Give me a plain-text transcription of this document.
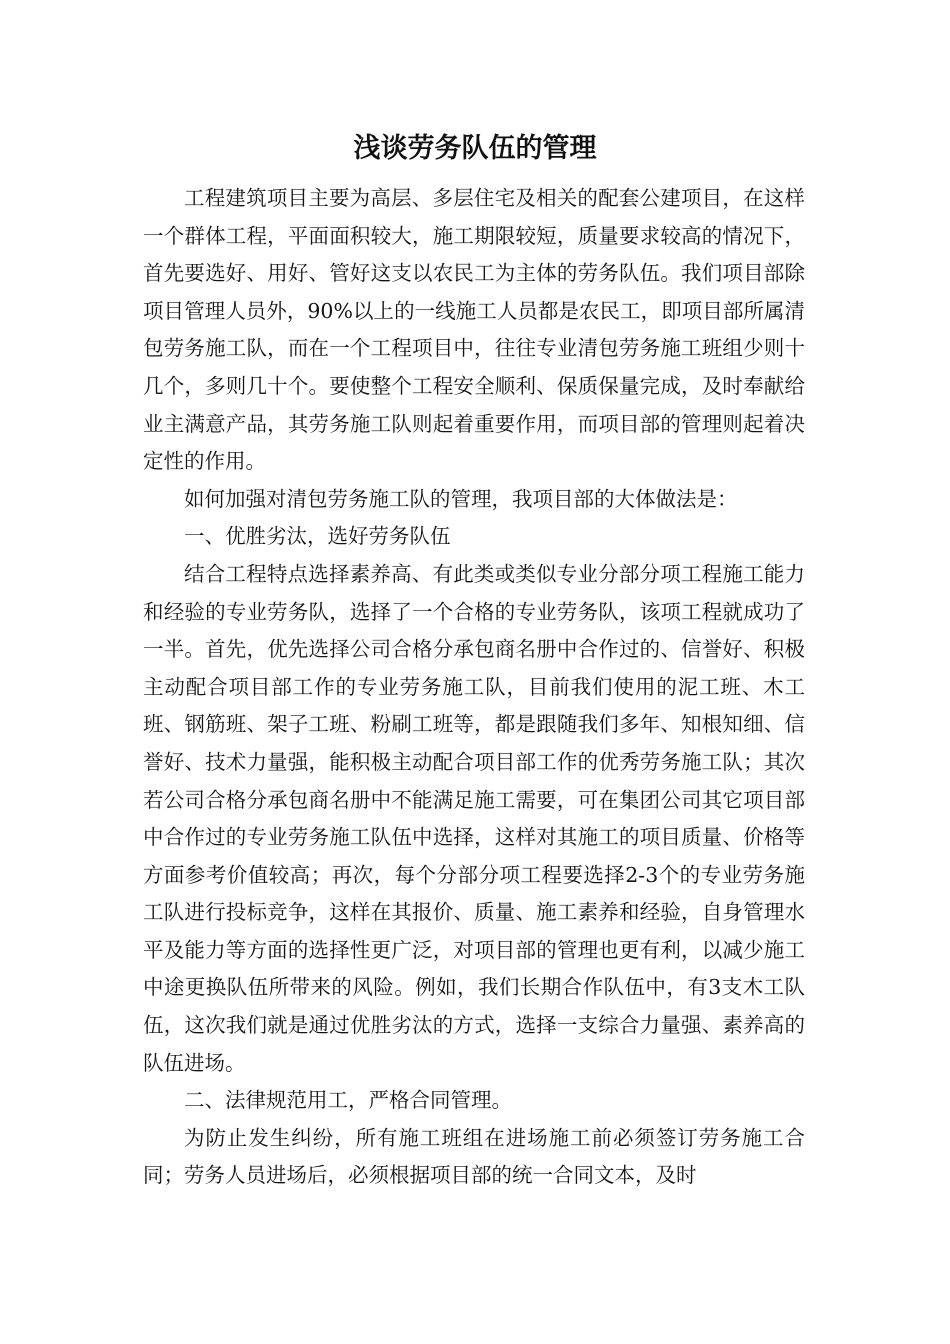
浅谈劳务队伍的管理

工程建筑项目主要为高层、多层住宅及相关的配套公建项目，在这样一个群体工程，平面面积较大，施工期限较短，质量要求较高的情况下，首先要选好、用好、管好这支以农民工为主体的劳务队伍。我们项目部除项目管理人员外，90%以上的一线施工人员都是农民工，即项目部所属清包劳务施工队，而在一个工程项目中，往往专业清包劳务施工班组少则十几个，多则几十个。要使整个工程安全顺利、保质保量完成，及时奉献给业主满意产品，其劳务施工队则起着重要作用，而项目部的管理则起着决定性的作用。

如何加强对清包劳务施工队的管理，我项目部的大体做法是：

一、优胜劣汰，选好劳务队伍

结合工程特点选择素养高、有此类或类似专业分部分项工程施工能力和经验的专业劳务队，选择了一个合格的专业劳务队，该项工程就成功了一半。首先，优先选择公司合格分承包商名册中合作过的、信誉好、积极主动配合项目部工作的专业劳务施工队，目前我们使用的泥工班、木工班、钢筋班、架子工班、粉刷工班等，都是跟随我们多年、知根知细、信誉好、技术力量强，能积极主动配合项目部工作的优秀劳务施工队；其次若公司合格分承包商名册中不能满足施工需要，可在集团公司其它项目部中合作过的专业劳务施工队伍中选择，这样对其施工的项目质量、价格等方面参考价值较高；再次，每个分部分项工程要选择2-3个的专业劳务施工队进行投标竞争，这样在其报价、质量、施工素养和经验，自身管理水平及能力等方面的选择性更广泛，对项目部的管理也更有利，以减少施工中途更换队伍所带来的风险。例如，我们长期合作队伍中，有3支木工队伍，这次我们就是通过优胜劣汰的方式，选择一支综合力量强、素养高的队伍进场。

二、法律规范用工，严格合同管理。

为防止发生纠纷，所有施工班组在进场施工前必须签订劳务施工合同；劳务人员进场后，必须根据项目部的统一合同文本，及时
